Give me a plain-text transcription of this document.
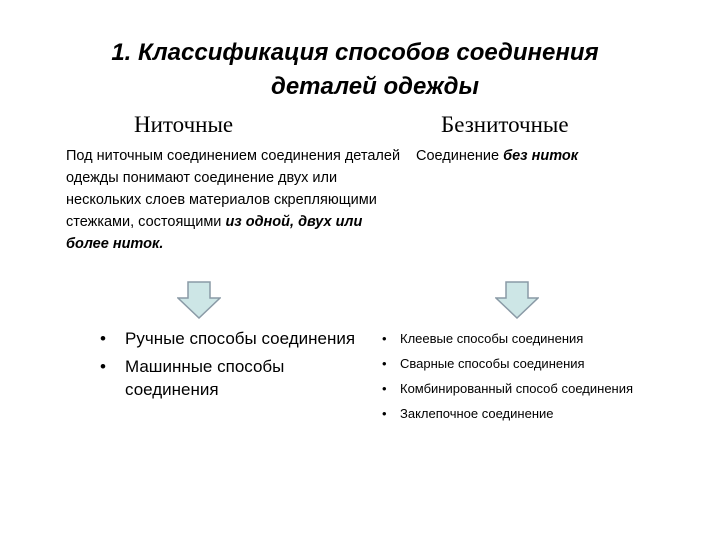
1. Классификация способов соединения
деталей одежды
Ниточные	Безниточные
Под ниточным соединением соединения деталей одежды понимают соединение двух или нескольких слоев материалов скрепляющими стежками, состоящими из одной, двух или более ниток.
Соединение без ниток
• Ручные способы соединения
• Машинные способы соединения
• Клеевые способы соединения
• Сварные способы соединения
• Комбинированный способ соединения
• Заклепочное соединение
